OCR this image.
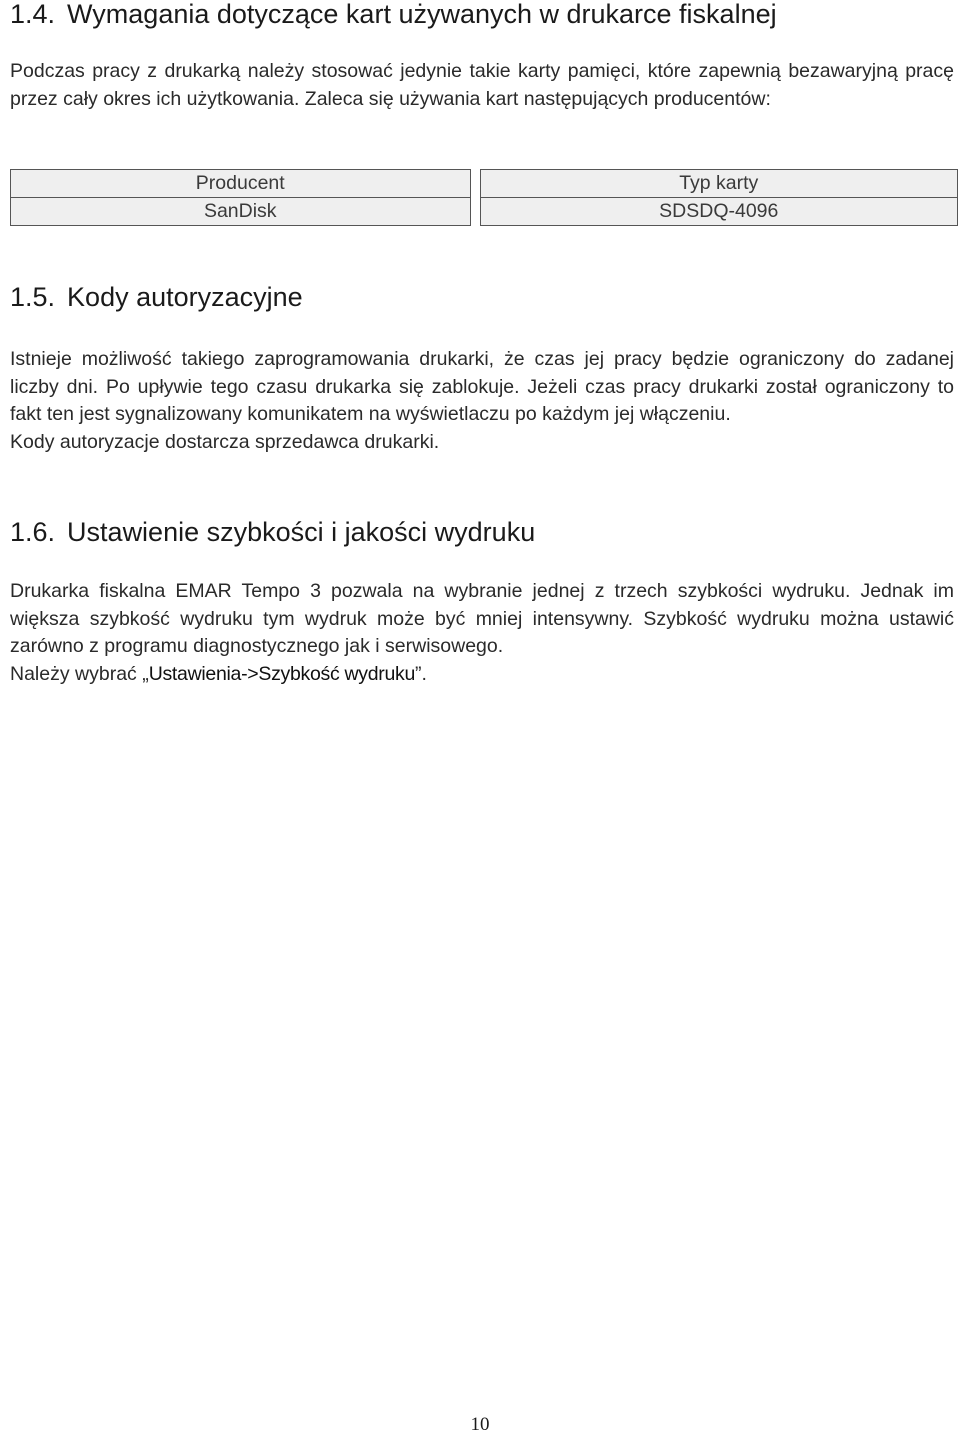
1.4. Wymagania dotyczące kart używanych w drukarce fiskalnej

Podczas pracy z drukarką należy stosować jedynie takie karty pamięci, które zapewnią bezawaryjną pracę przez cały okres ich użytkowania. Zaleca się używania kart następujących producentów:

Producent		Typ karty
SanDisk		SDSDQ-4096
1.5. Kody autoryzacyjne

Istnieje możliwość takiego zaprogramowania drukarki, że czas jej pracy będzie ograniczony do zadanej liczby dni. Po upływie tego czasu drukarka się zablokuje. Jeżeli czas pracy drukarki został ograniczony to fakt ten jest sygnalizowany komunikatem na wyświetlaczu po każdym jej włączeniu.

Kody autoryzacje dostarcza sprzedawca drukarki.

1.6. Ustawienie szybkości i jakości wydruku

Drukarka fiskalna EMAR Tempo 3 pozwala na wybranie jednej z trzech szybkości wydruku. Jednak im większa szybkość wydruku tym wydruk może być mniej intensywny. Szybkość wydruku można ustawić zarówno z programu diagnostycznego jak i serwisowego.

Należy wybrać „Ustawienia->Szybkość wydruku”.

10
